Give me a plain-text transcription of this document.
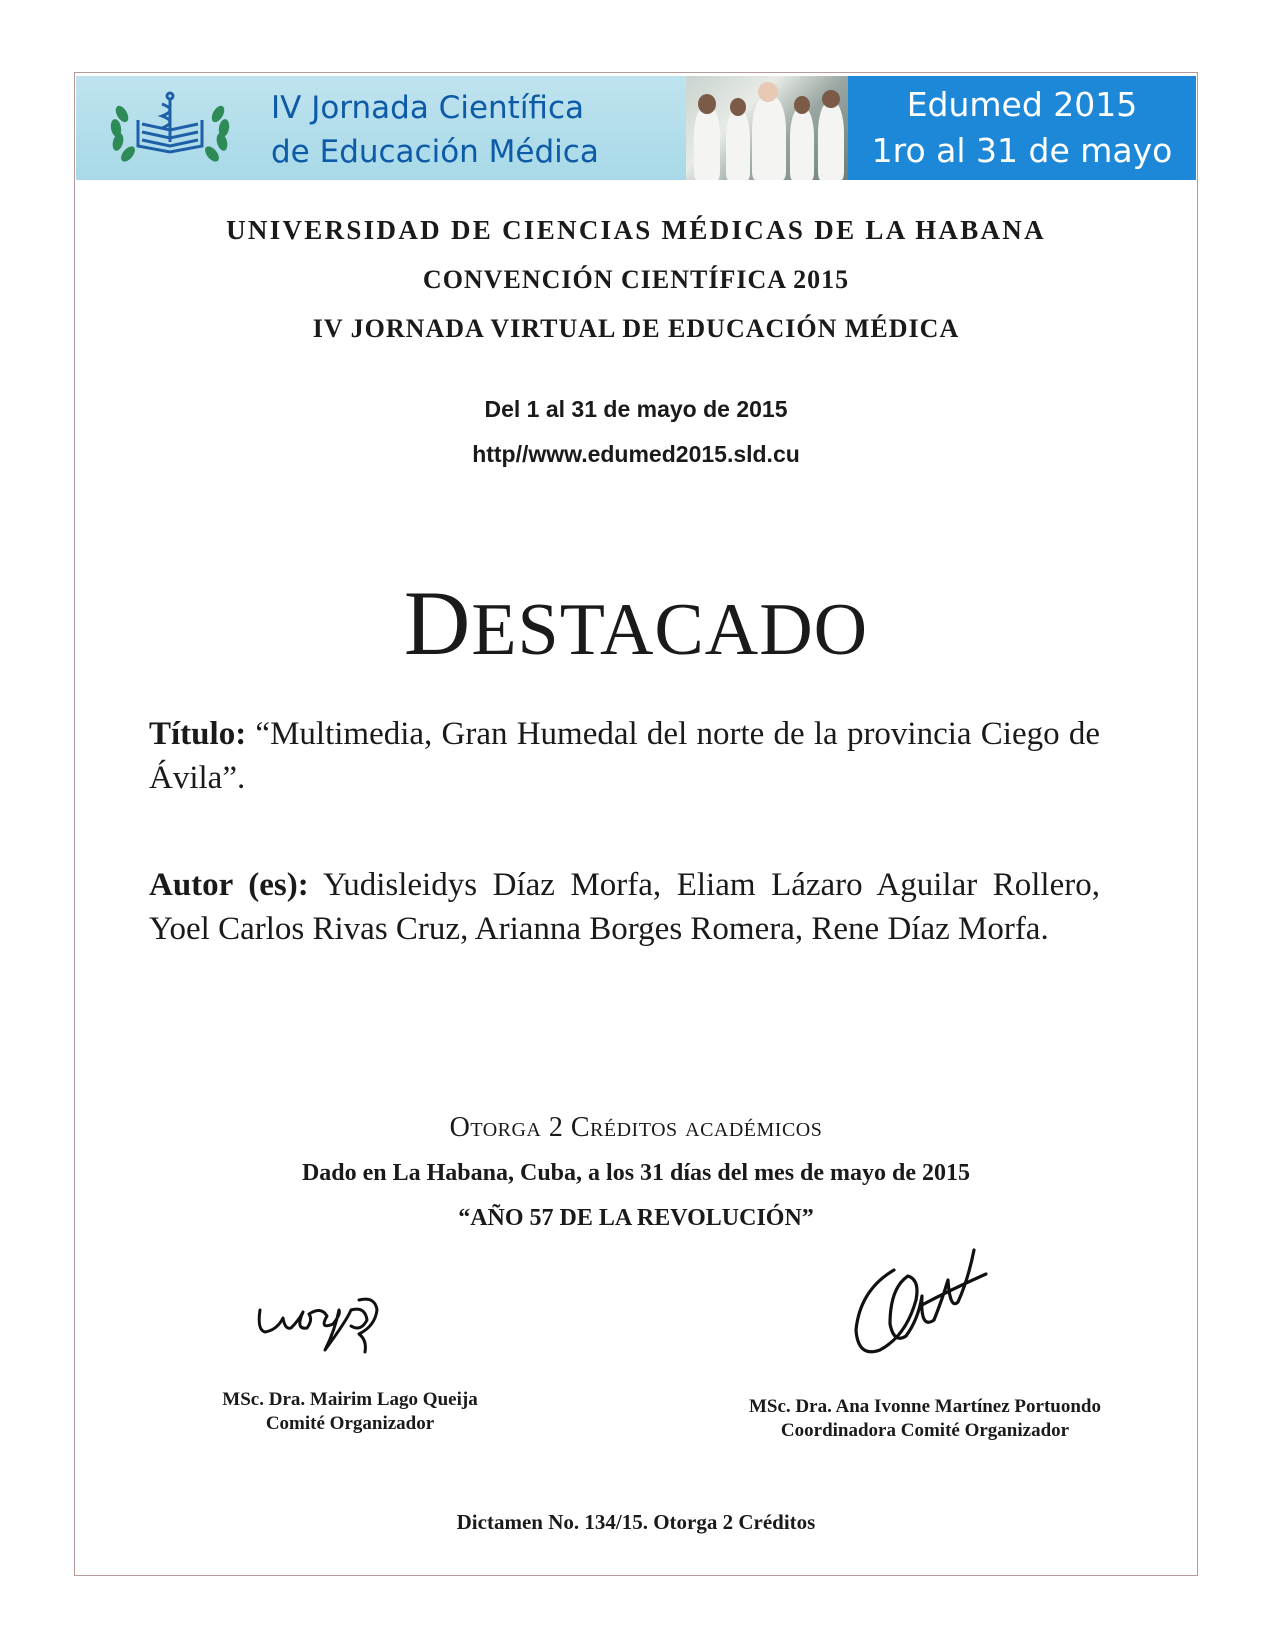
IV Jornada Científica
de Educación Médica
Edumed 2015
1ro al 31 de mayo
UNIVERSIDAD DE CIENCIAS MÉDICAS DE LA HABANA
CONVENCIÓN CIENTÍFICA 2015
IV JORNADA VIRTUAL DE EDUCACIÓN MÉDICA
Del 1 al 31 de mayo de 2015
http//www.edumed2015.sld.cu
DESTACADO
Título: “Multimedia, Gran Humedal del norte de la provincia Ciego de Ávila”.
Autor (es): Yudisleidys Díaz Morfa, Eliam Lázaro Aguilar Rollero, Yoel Carlos Rivas Cruz, Arianna Borges Romera, Rene Díaz Morfa.
Otorga 2 Créditos académicos
Dado en La Habana, Cuba, a los 31 días del mes de mayo de 2015
“AÑO 57 DE LA REVOLUCIÓN”
MSc. Dra. Mairim Lago Queija
Comité Organizador
MSc. Dra. Ana Ivonne Martínez Portuondo
Coordinadora Comité Organizador
Dictamen No. 134/15. Otorga 2 Créditos
